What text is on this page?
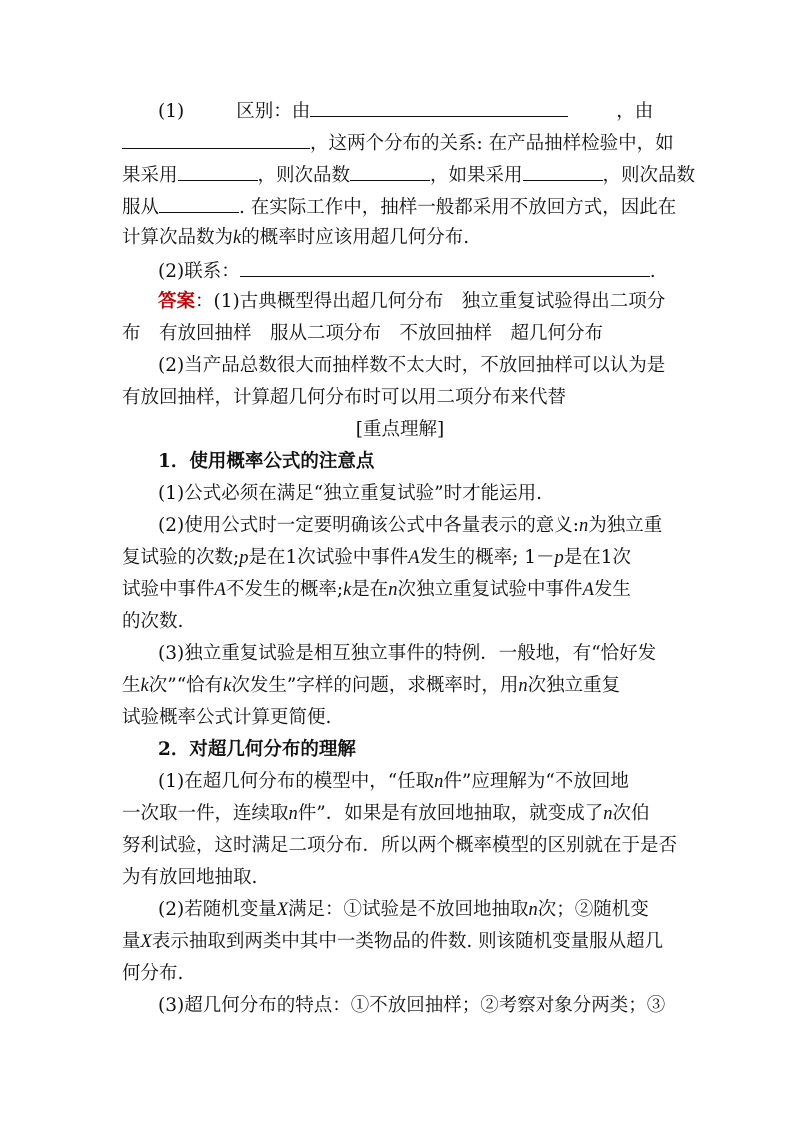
(1)	区别：由	，由
，这两个分布的关系: 在产品抽样检验中，如
果采用	，则次品数	，如果采用	，则次品数
服从	. 在实际工作中，抽样一般都采用不放回方式，因此在
计算次品数为k的概率时应该用超几何分布.
(2)联系：	.
答案：(1)古典概型得出超几何分布　独立重复试验得出二项分
布　有放回抽样　服从二项分布　不放回抽样　超几何分布
(2)当产品总数很大而抽样数不太大时，不放回抽样可以认为是
有放回抽样，计算超几何分布时可以用二项分布来代替
[重点理解]
1．使用概率公式的注意点
(1)公式必须在满足“独立重复试验”时才能运用.
(2)使用公式时一定要明确该公式中各量表示的意义:n为独立重
复试验的次数;p是在1次试验中事件A发生的概率; 1－p是在1次
试验中事件A不发生的概率;k是在n次独立重复试验中事件A发生
的次数.
(3)独立重复试验是相互独立事件的特例．一般地，有“恰好发
生k次”“恰有k次发生”字样的问题，求概率时，用n次独立重复
试验概率公式计算更简便.
2．对超几何分布的理解
(1)在超几何分布的模型中，“任取n件”应理解为“不放回地
一次取一件，连续取n件”．如果是有放回地抽取，就变成了n次伯
努利试验，这时满足二项分布．所以两个概率模型的区别就在于是否
为有放回地抽取.
(2)若随机变量X满足：①试验是不放回地抽取n次；②随机变
量X表示抽取到两类中其中一类物品的件数. 则该随机变量服从超几
何分布.
(3)超几何分布的特点：①不放回抽样；②考察对象分两类；③
